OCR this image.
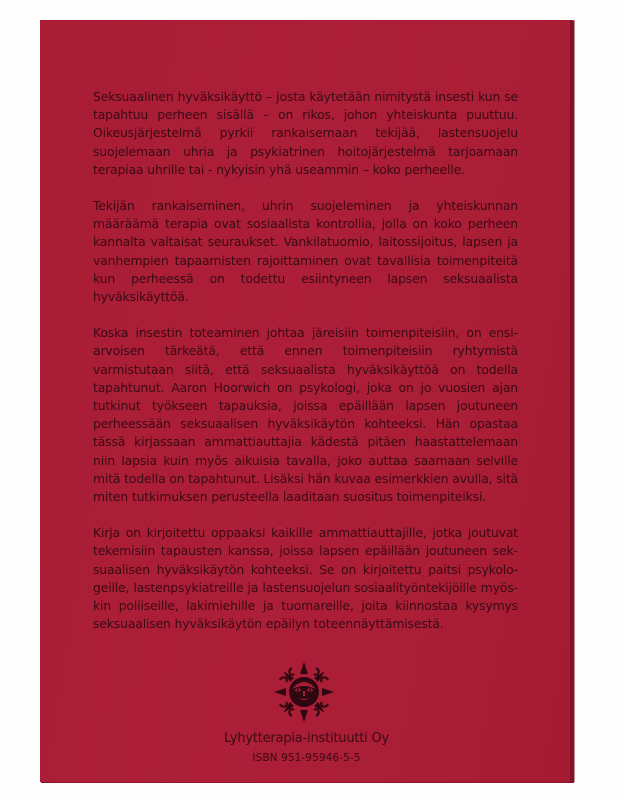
Seksuaalinen hyväksikäyttö – josta käytetään nimitystä insesti kun se tapahtuu perheen sisällä – on rikos, johon yhteiskunta puuttuu. Oikeusjärjestelmä pyrkii rankaisemaan tekijää, lastensuojelu suojelemaan uhria ja psykiatrinen hoitojärjestelmä tarjoamaan terapiaa uhrille tai - nykyisin yhä useammin – koko perheelle.

Tekijän rankaiseminen, uhrin suojeleminen ja yhteiskunnan määräämä terapia ovat sosiaalista kontrollia, jolla on koko perheen kannalta valtaisat seuraukset. Vankilatuomio, laitossijoitus, lapsen ja vanhempien tapaamisten rajoittaminen ovat tavallisia toimenpiteitä kun perheessä on todettu esiintyneen lapsen seksuaalista hyväksikäyttöä.

Koska insestin toteaminen johtaa järeisiin toimenpiteisiin, on ensiarvoisen tärkeätä, että ennen toimenpiteisiin ryhtymistä varmistutaan siitä, että seksuaalista hyväksikäyttöä on todella tapahtunut. Aaron Hoorwich on psykologi, joka on jo vuosien ajan tutkinut työkseen tapauksia, joissa epäillään lapsen joutuneen perheessään seksuaalisen hyväksikäytön kohteeksi. Hän opastaa tässä kirjassaan ammattiauttajia kädestä pitäen haastattelemaan niin lapsia kuin myös aikuisia tavalla, joko auttaa saamaan selville mitä todella on tapahtunut. Lisäksi hän kuvaa esimerkkien avulla, sitä miten tutkimuksen perusteella laaditaan suositus toimenpiteiksi.

Kirja on kirjoitettu oppaaksi kaikille ammattiauttajille, jotka joutuvat tekemisiin tapausten kanssa, joissa lapsen epäillään joutuneen seksuaalisen hyväksikäytön kohteeksi. Se on kirjoitettu paitsi psykologeille, lastenpsykiatreille ja lastensuojelun sosiaalityöntekijöille myöskin poliiseille, lakimiehille ja tuomareille, joita kiinnostaa kysymys seksuaalisen hyväksikäytön epäilyn toteennäyttämisestä.

Lyhytterapia-instituutti Oy
ISBN 951-95946-5-5
